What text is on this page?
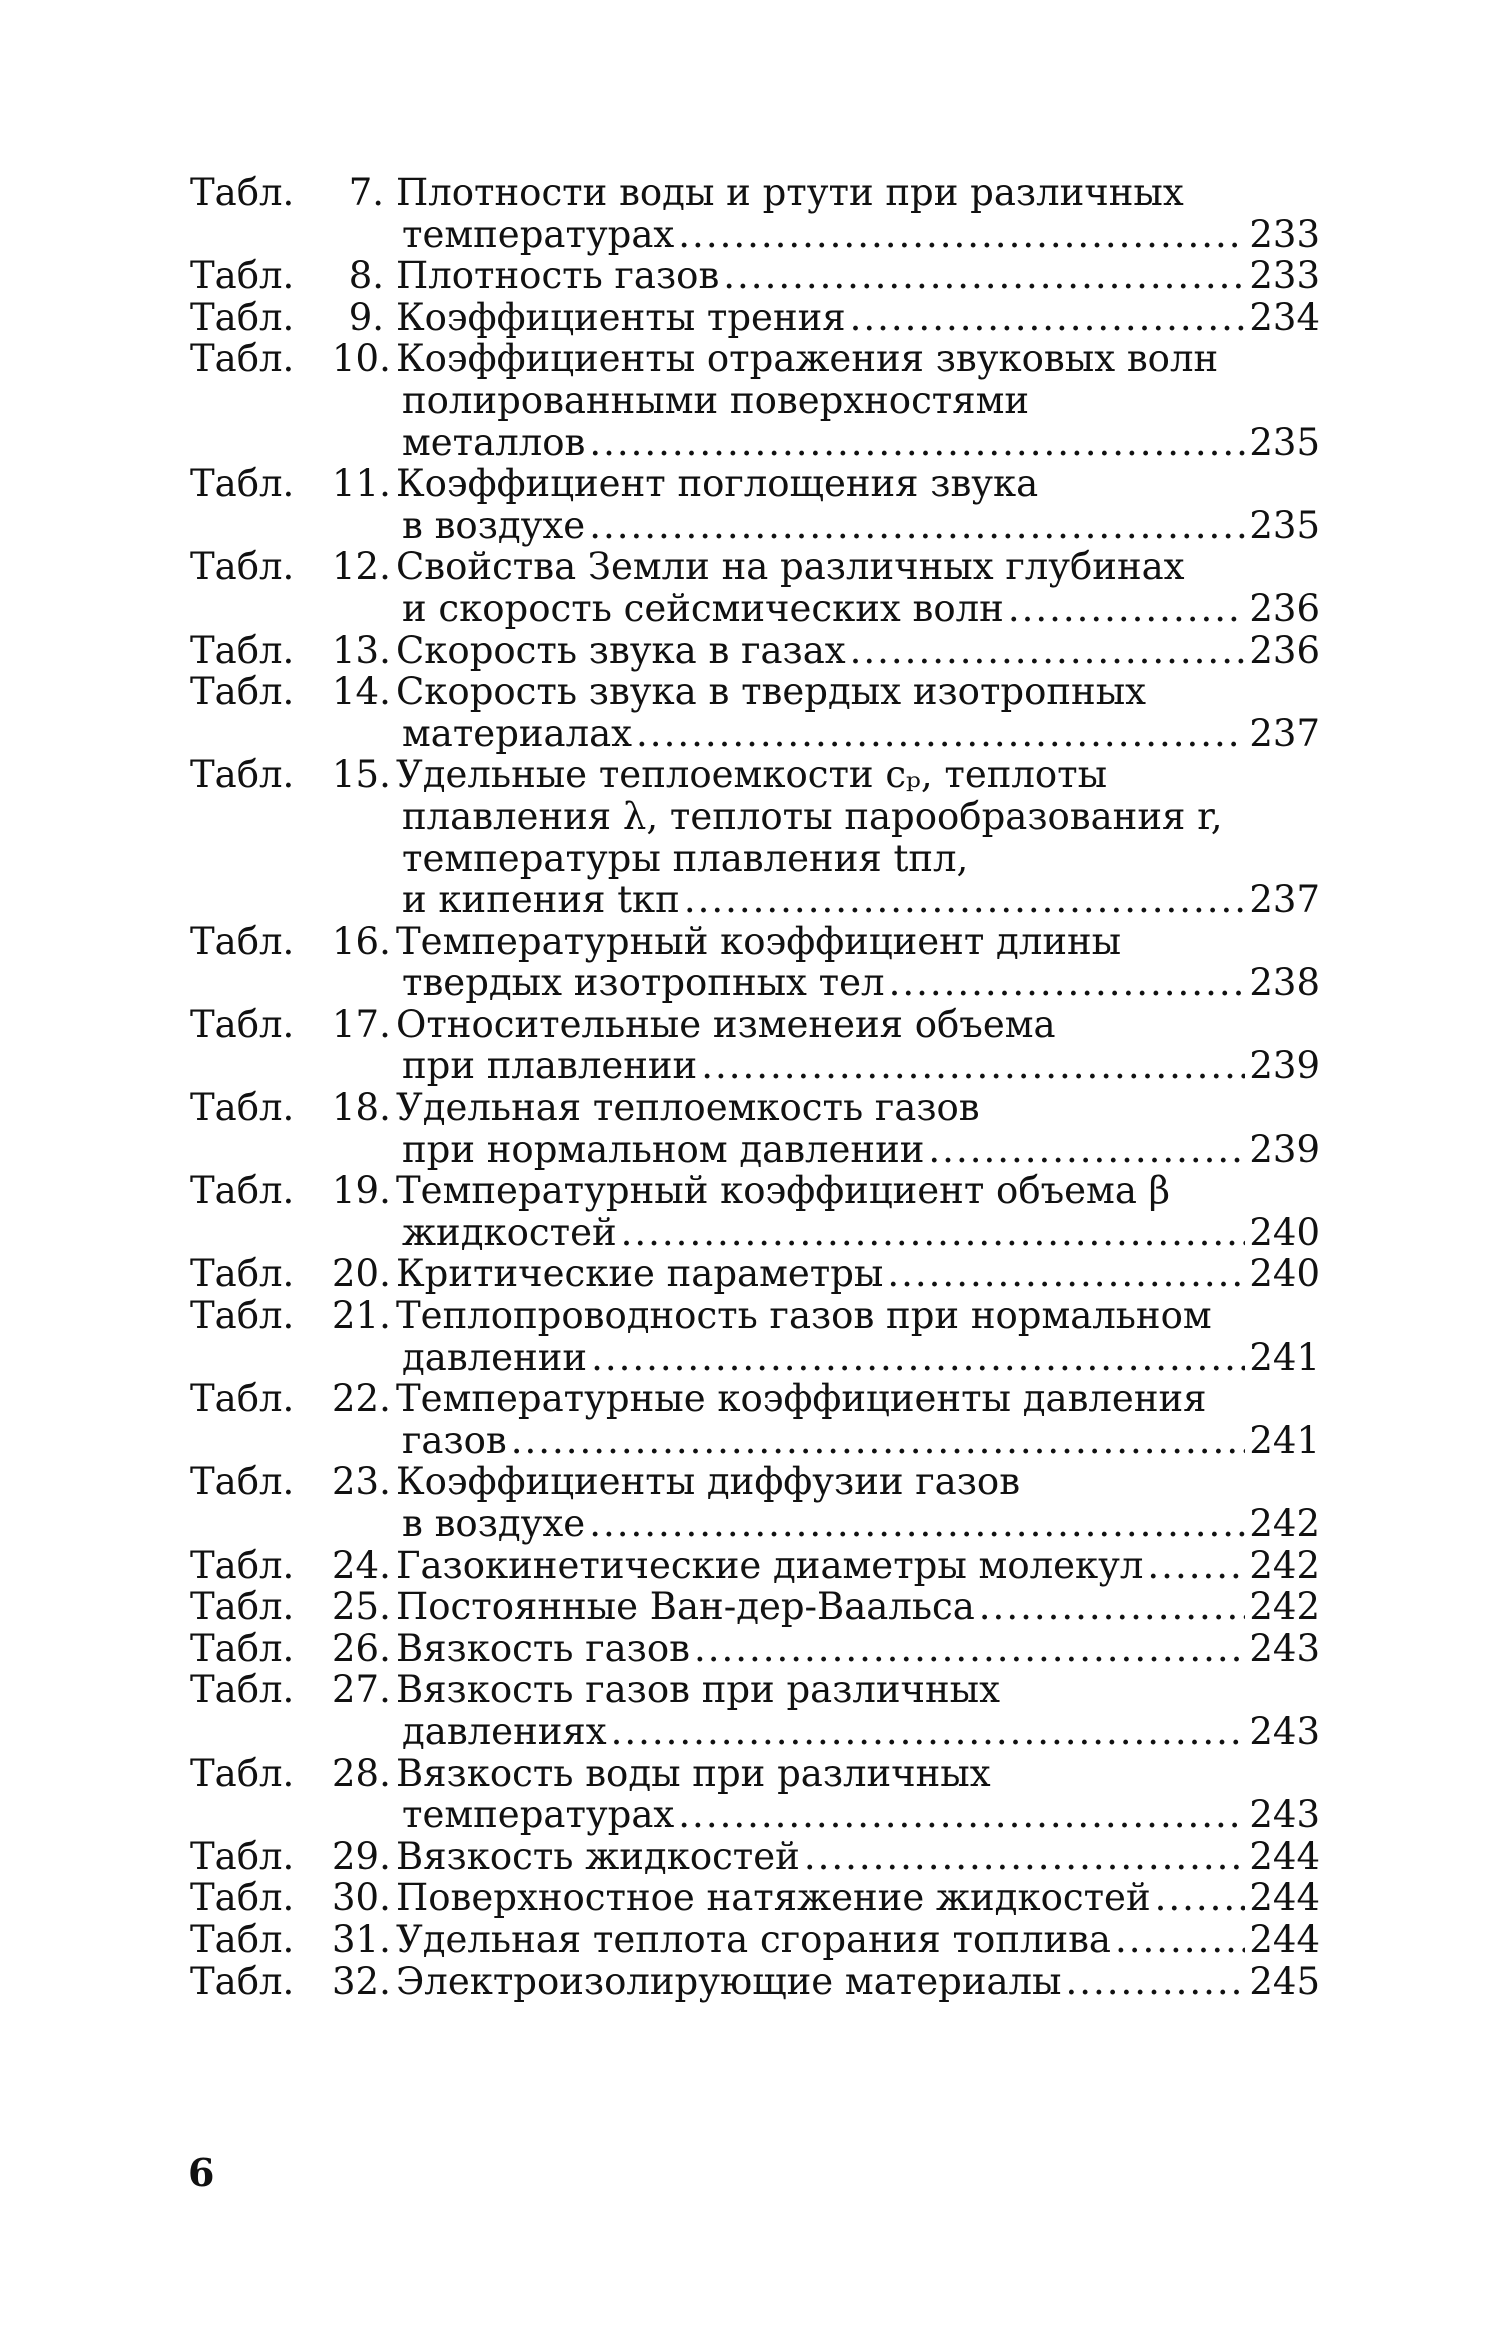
Табл.	7. Плотности воды и ртути при различных
температурах .....	233
Табл.	8. Плотность газов .....	233
Табл.	9. Коэффициенты трения .....	234
Табл.	10. Коэффициенты отражения звуковых волн
полированными поверхностями
металлов .....	235
Табл.	11. Коэффициент поглощения звука
в воздухе .....	235
Табл.	12. Свойства Земли на различных глубинах
и скорость сейсмических волн .....	236
Табл.	13. Скорость звука в газах .....	236
Табл.	14. Скорость звука в твердых изотропных
материалах .....	237
Табл.	15. Удельные теплоемкости cₚ, теплоты
плавления λ, теплоты парообразования r,
температуры плавления tпл,
и кипения tкп .....	237
Табл.	16. Температурный коэффициент длины
твердых изотропных тел .....	238
Табл.	17. Относительные изменеия объема
при плавлении .....	239
Табл.	18. Удельная теплоемкость газов
при нормальном давлении .....	239
Табл.	19. Температурный коэффициент объема β
жидкостей .....	240
Табл.	20. Критические параметры .....	240
Табл.	21. Теплопроводность газов при нормальном
давлении .....	241
Табл.	22. Температурные коэффициенты давления
газов .....	241
Табл.	23. Коэффициенты диффузии газов
в воздухе .....	242
Табл.	24. Газокинетические диаметры молекул .....	242
Табл.	25. Постоянные Ван-дер-Ваальса .....	242
Табл.	26. Вязкость газов .....	243
Табл.	27. Вязкость газов при различных
давлениях .....	243
Табл.	28. Вязкость воды при различных
температурах .....	243
Табл.	29. Вязкость жидкостей .....	244
Табл.	30. Поверхностное натяжение жидкостей .....	244
Табл.	31. Удельная теплота сгорания топлива .....	244
Табл.	32. Электроизолирующие материалы .....	245
6
